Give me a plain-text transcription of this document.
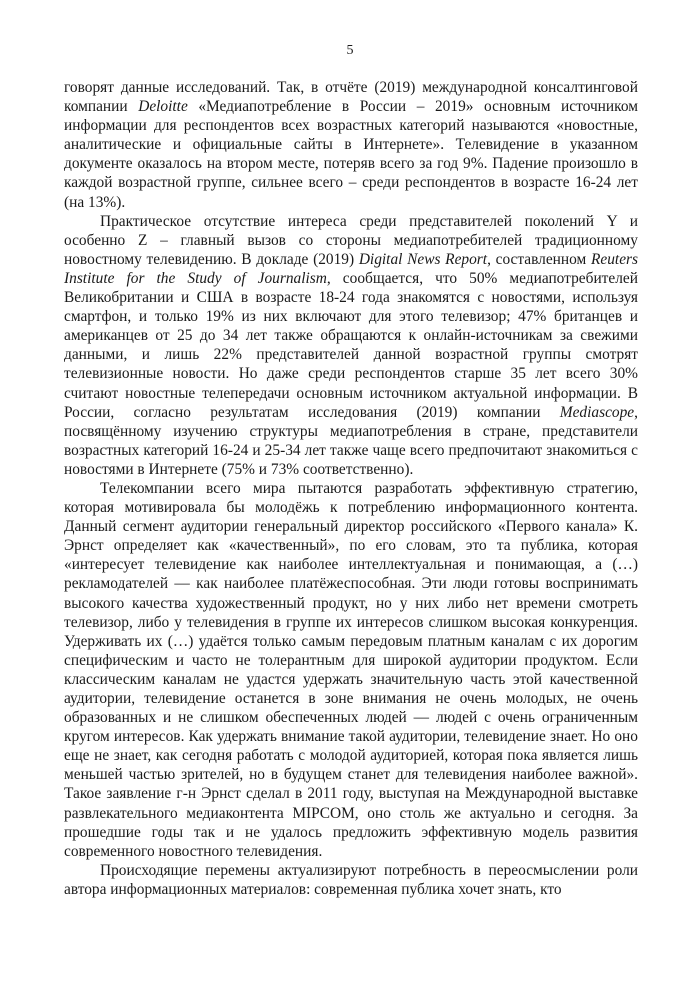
5

говорят данные исследований. Так, в отчёте (2019) международной консалтинговой компании Deloitte «Медиапотребление в России – 2019» основным источником информации для респондентов всех возрастных категорий называются «новостные, аналитические и официальные сайты в Интернете». Телевидение в указанном документе оказалось на втором месте, потеряв всего за год 9%. Падение произошло в каждой возрастной группе, сильнее всего – среди респондентов в возрасте 16-24 лет (на 13%).

Практическое отсутствие интереса среди представителей поколений Y и особенно Z – главный вызов со стороны медиапотребителей традиционному новостному телевидению. В докладе (2019) Digital News Report, составленном Reuters Institute for the Study of Journalism, сообщается, что 50% медиапотребителей Великобритании и США в возрасте 18-24 года знакомятся с новостями, используя смартфон, и только 19% из них включают для этого телевизор; 47% британцев и американцев от 25 до 34 лет также обращаются к онлайн-источникам за свежими данными, и лишь 22% представителей данной возрастной группы смотрят телевизионные новости. Но даже среди респондентов старше 35 лет всего 30% считают новостные телепередачи основным источником актуальной информации. В России, согласно результатам исследования (2019) компании Mediascope, посвящённому изучению структуры медиапотребления в стране, представители возрастных категорий 16-24 и 25-34 лет также чаще всего предпочитают знакомиться с новостями в Интернете (75% и 73% соответственно).

Телекомпании всего мира пытаются разработать эффективную стратегию, которая мотивировала бы молодёжь к потреблению информационного контента. Данный сегмент аудитории генеральный директор российского «Первого канала» К. Эрнст определяет как «качественный», по его словам, это та публика, которая «интересует телевидение как наиболее интеллектуальная и понимающая, а (…) рекламодателей — как наиболее платёжеспособная. Эти люди готовы воспринимать высокого качества художественный продукт, но у них либо нет времени смотреть телевизор, либо у телевидения в группе их интересов слишком высокая конкуренция. Удерживать их (…) удаётся только самым передовым платным каналам с их дорогим специфическим и часто не толерантным для широкой аудитории продуктом. Если классическим каналам не удастся удержать значительную часть этой качественной аудитории, телевидение останется в зоне внимания не очень молодых, не очень образованных и не слишком обеспеченных людей — людей с очень ограниченным кругом интересов. Как удержать внимание такой аудитории, телевидение знает. Но оно еще не знает, как сегодня работать с молодой аудиторией, которая пока является лишь меньшей частью зрителей, но в будущем станет для телевидения наиболее важной». Такое заявление г-н Эрнст сделал в 2011 году, выступая на Международной выставке развлекательного медиаконтента MIPCOM, оно столь же актуально и сегодня. За прошедшие годы так и не удалось предложить эффективную модель развития современного новостного телевидения.

Происходящие перемены актуализируют потребность в переосмыслении роли автора информационных материалов: современная публика хочет знать, кто
